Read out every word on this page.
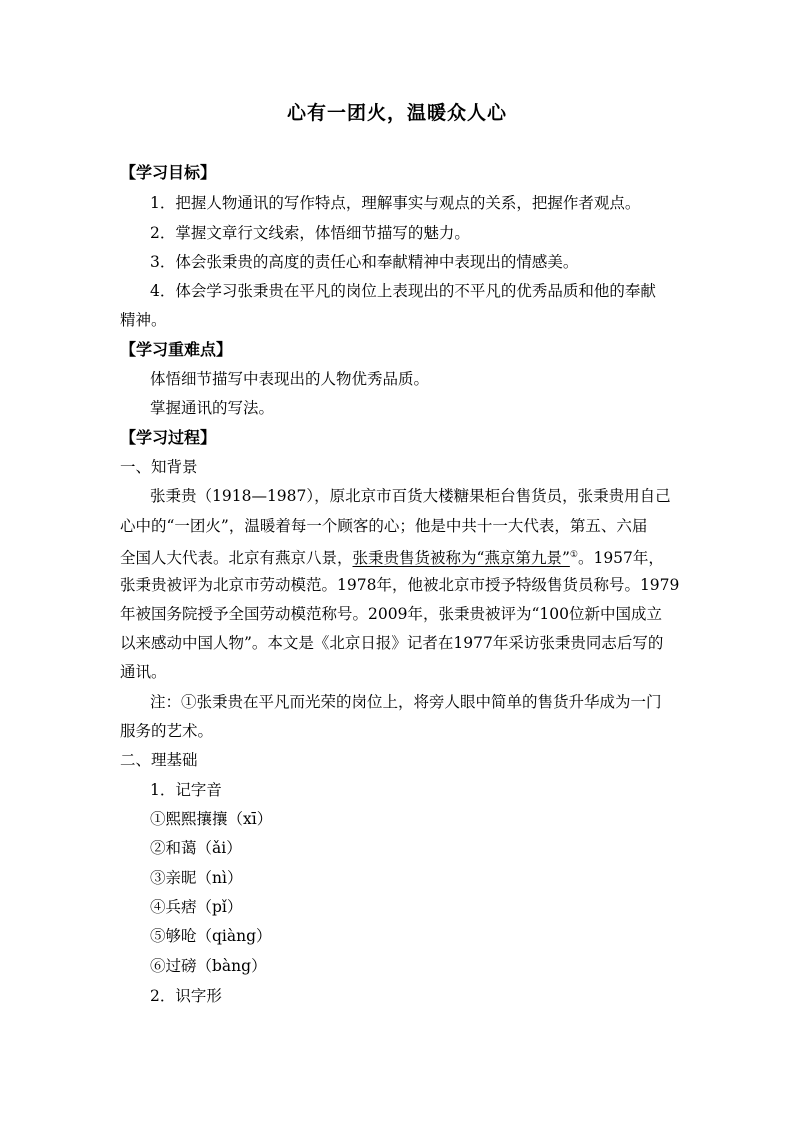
心有一团火，温暖众人心
【学习目标】
1．把握人物通讯的写作特点，理解事实与观点的关系，把握作者观点。
2．掌握文章行文线索，体悟细节描写的魅力。
3．体会张秉贵的高度的责任心和奉献精神中表现出的情感美。
4．体会学习张秉贵在平凡的岗位上表现出的不平凡的优秀品质和他的奉献
精神。
【学习重难点】
体悟细节描写中表现出的人物优秀品质。
掌握通讯的写法。
【学习过程】
一、知背景
张秉贵（1918—1987），原北京市百货大楼糖果柜台售货员，张秉贵用自己
心中的“一团火”，温暖着每一个顾客的心；他是中共十一大代表，第五、六届
全国人大代表。北京有燕京八景，张秉贵售货被称为“燕京第九景”①。1957年，
张秉贵被评为北京市劳动模范。1978年，他被北京市授予特级售货员称号。1979
年被国务院授予全国劳动模范称号。2009年，张秉贵被评为“100位新中国成立
以来感动中国人物”。本文是《北京日报》记者在1977年采访张秉贵同志后写的
通讯。
注：①张秉贵在平凡而光荣的岗位上，将旁人眼中简单的售货升华成为一门
服务的艺术。
二、理基础
1．记字音
①熙熙攘攘（xī）
②和蔼（ǎi）
③亲昵（nì）
④兵痞（pǐ）
⑤够呛（qiàng）
⑥过磅（bàng）
2．识字形
